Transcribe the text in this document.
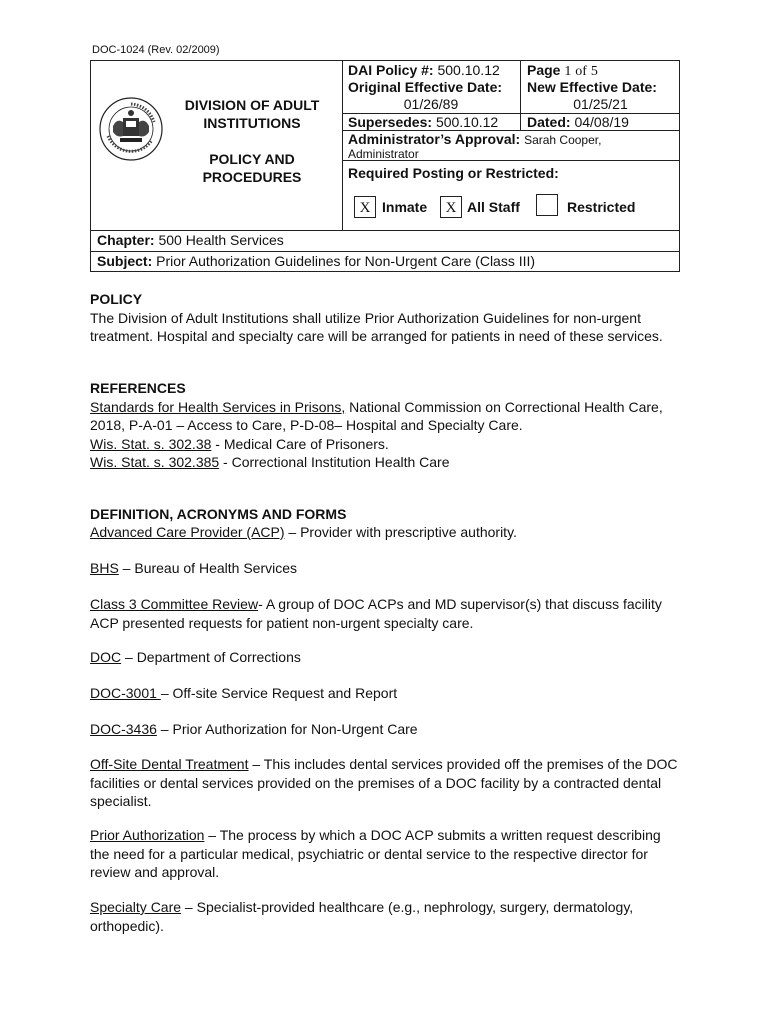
DOC-1024 (Rev. 02/2009)
DIVISION OF ADULT
INSTITUTIONS
POLICY AND
PROCEDURES
DAI Policy #: 500.10.12 Page 1 of 5
Original Effective Date:
01/26/89
New Effective Date:
01/25/21
Supersedes: 500.10.12 Dated: 04/08/19
Administrator’s Approval: Sarah Cooper,
Administrator
Required Posting or Restricted:
X Inmate	X All Staff	Restricted
Chapter: 500 Health Services
Subject: Prior Authorization Guidelines for Non-Urgent Care (Class III)
POLICY

The Division of Adult Institutions shall utilize Prior Authorization Guidelines for non-urgent treatment. Hospital and specialty care will be arranged for patients in need of these services.

REFERENCES

Standards for Health Services in Prisons, National Commission on Correctional Health Care, 2018, P-A-01 – Access to Care, P-D-08– Hospital and Specialty Care.

Wis. Stat. s. 302.38 - Medical Care of Prisoners.

Wis. Stat. s. 302.385 - Correctional Institution Health Care

DEFINITION, ACRONYMS AND FORMS

Advanced Care Provider (ACP) – Provider with prescriptive authority.

BHS – Bureau of Health Services

Class 3 Committee Review- A group of DOC ACPs and MD supervisor(s) that discuss facility ACP presented requests for patient non-urgent specialty care.

DOC – Department of Corrections

DOC-3001 – Off-site Service Request and Report

DOC-3436 – Prior Authorization for Non-Urgent Care

Off-Site Dental Treatment – This includes dental services provided off the premises of the DOC facilities or dental services provided on the premises of a DOC facility by a contracted dental specialist.

Prior Authorization – The process by which a DOC ACP submits a written request describing the need for a particular medical, psychiatric or dental service to the respective director for review and approval.

Specialty Care – Specialist-provided healthcare (e.g., nephrology, surgery, dermatology, orthopedic).
